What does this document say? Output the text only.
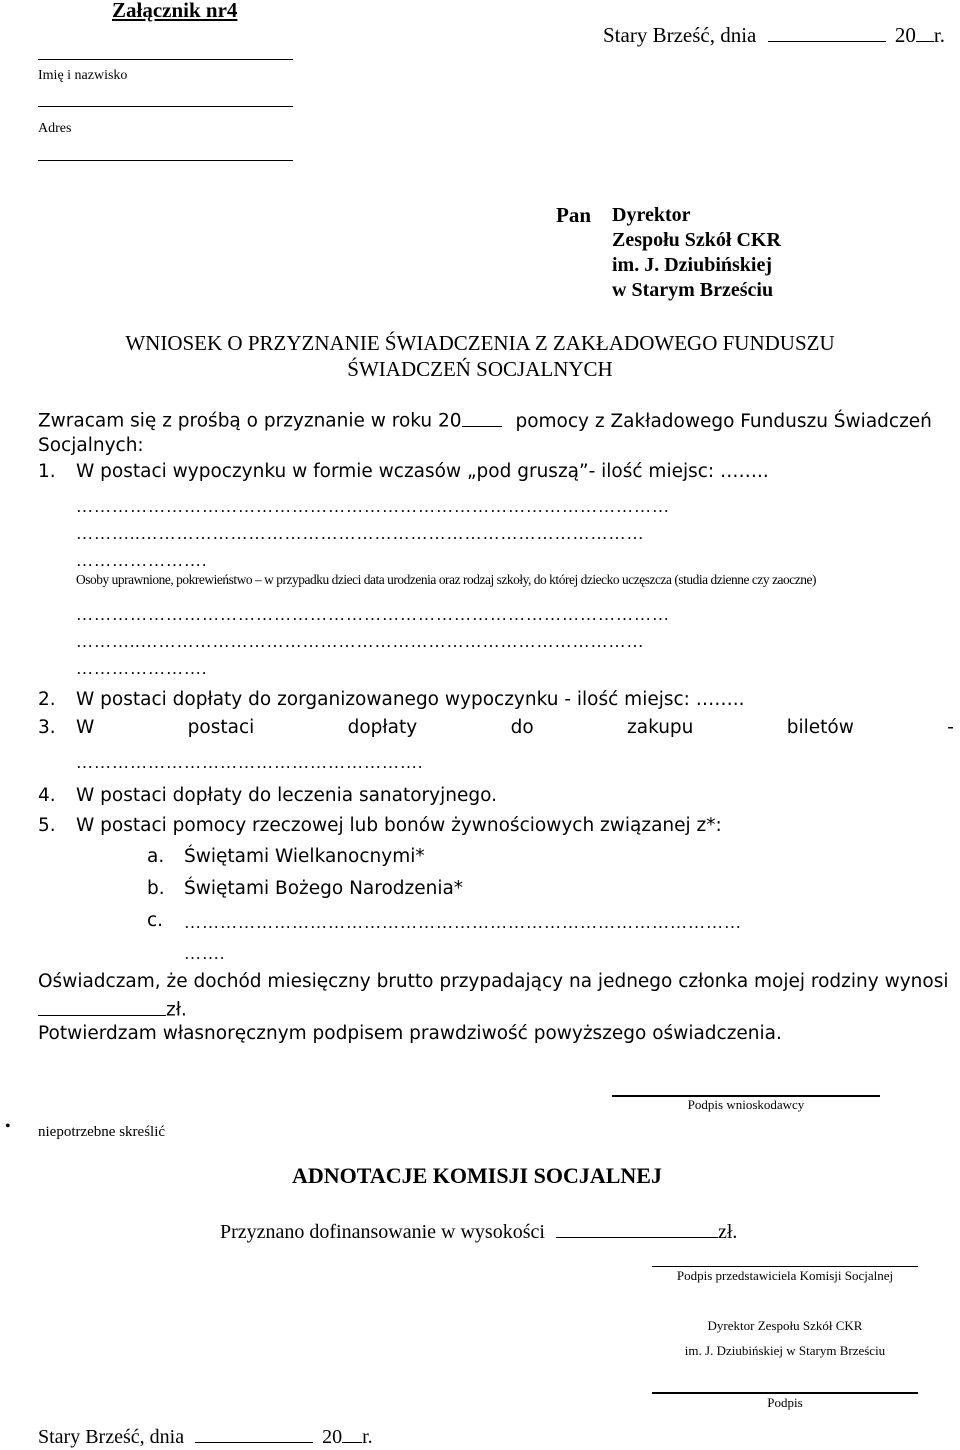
Załącznik nr4
Stary Brześć, dnia	20 r.
Imię i nazwisko
Adres
Pan Dyrektor
Zespołu Szkół CKR
im. J. Dziubińskiej
w Starym Brześciu
WNIOSEK O PRZYZNANIE ŚWIADCZENIA Z ZAKŁADOWEGO FUNDUSZU
ŚWIADCZEŃ SOCJALNYCH
Zwracam się z prośbą o przyznanie w roku 20	pomocy z Zakładowego Funduszu Świadczeń
Socjalnych:
1. W postaci wypoczynku w formie wczasów „pod gruszą”- ilość miejsc: ……..
………………………………………………………………………………………
………..…………………………………………………………………………
………………….
Osoby uprawnione, pokrewieństwo – w przypadku dzieci data urodzenia oraz rodzaj szkoły, do której dziecko uczęszcza (studia dzienne czy zaoczne)
………………………………………………………………………………………
………..…………………………………………………………………………
………………….
2. W postaci dopłaty do zorganizowanego wypoczynku - ilość miejsc: ……..
3. W	postaci	dopłaty	do	zakupu	biletów	-
………………………………………………….
4. W postaci dopłaty do leczenia sanatoryjnego.
5. W postaci pomocy rzeczowej lub bonów żywnościowych związanej z*:
a. Świętami Wielkanocnymi*
b. Świętami Bożego Narodzenia*
c. …………………………………………………………………………………
…….
Oświadczam, że dochód miesięczny brutto przypadający na jednego członka mojej rodziny wynosi
zł.
Potwierdzam własnoręcznym podpisem prawdziwość powyższego oświadczenia.
Podpis wnioskodawcy
• niepotrzebne skreślić
ADNOTACJE KOMISJI SOCJALNEJ
Przyznano dofinansowanie w wysokości	zł.
Podpis przedstawiciela Komisji Socjalnej
Dyrektor Zespołu Szkół CKR
im. J. Dziubińskiej w Starym Brześciu
Podpis
Stary Brześć, dnia	20 r.
